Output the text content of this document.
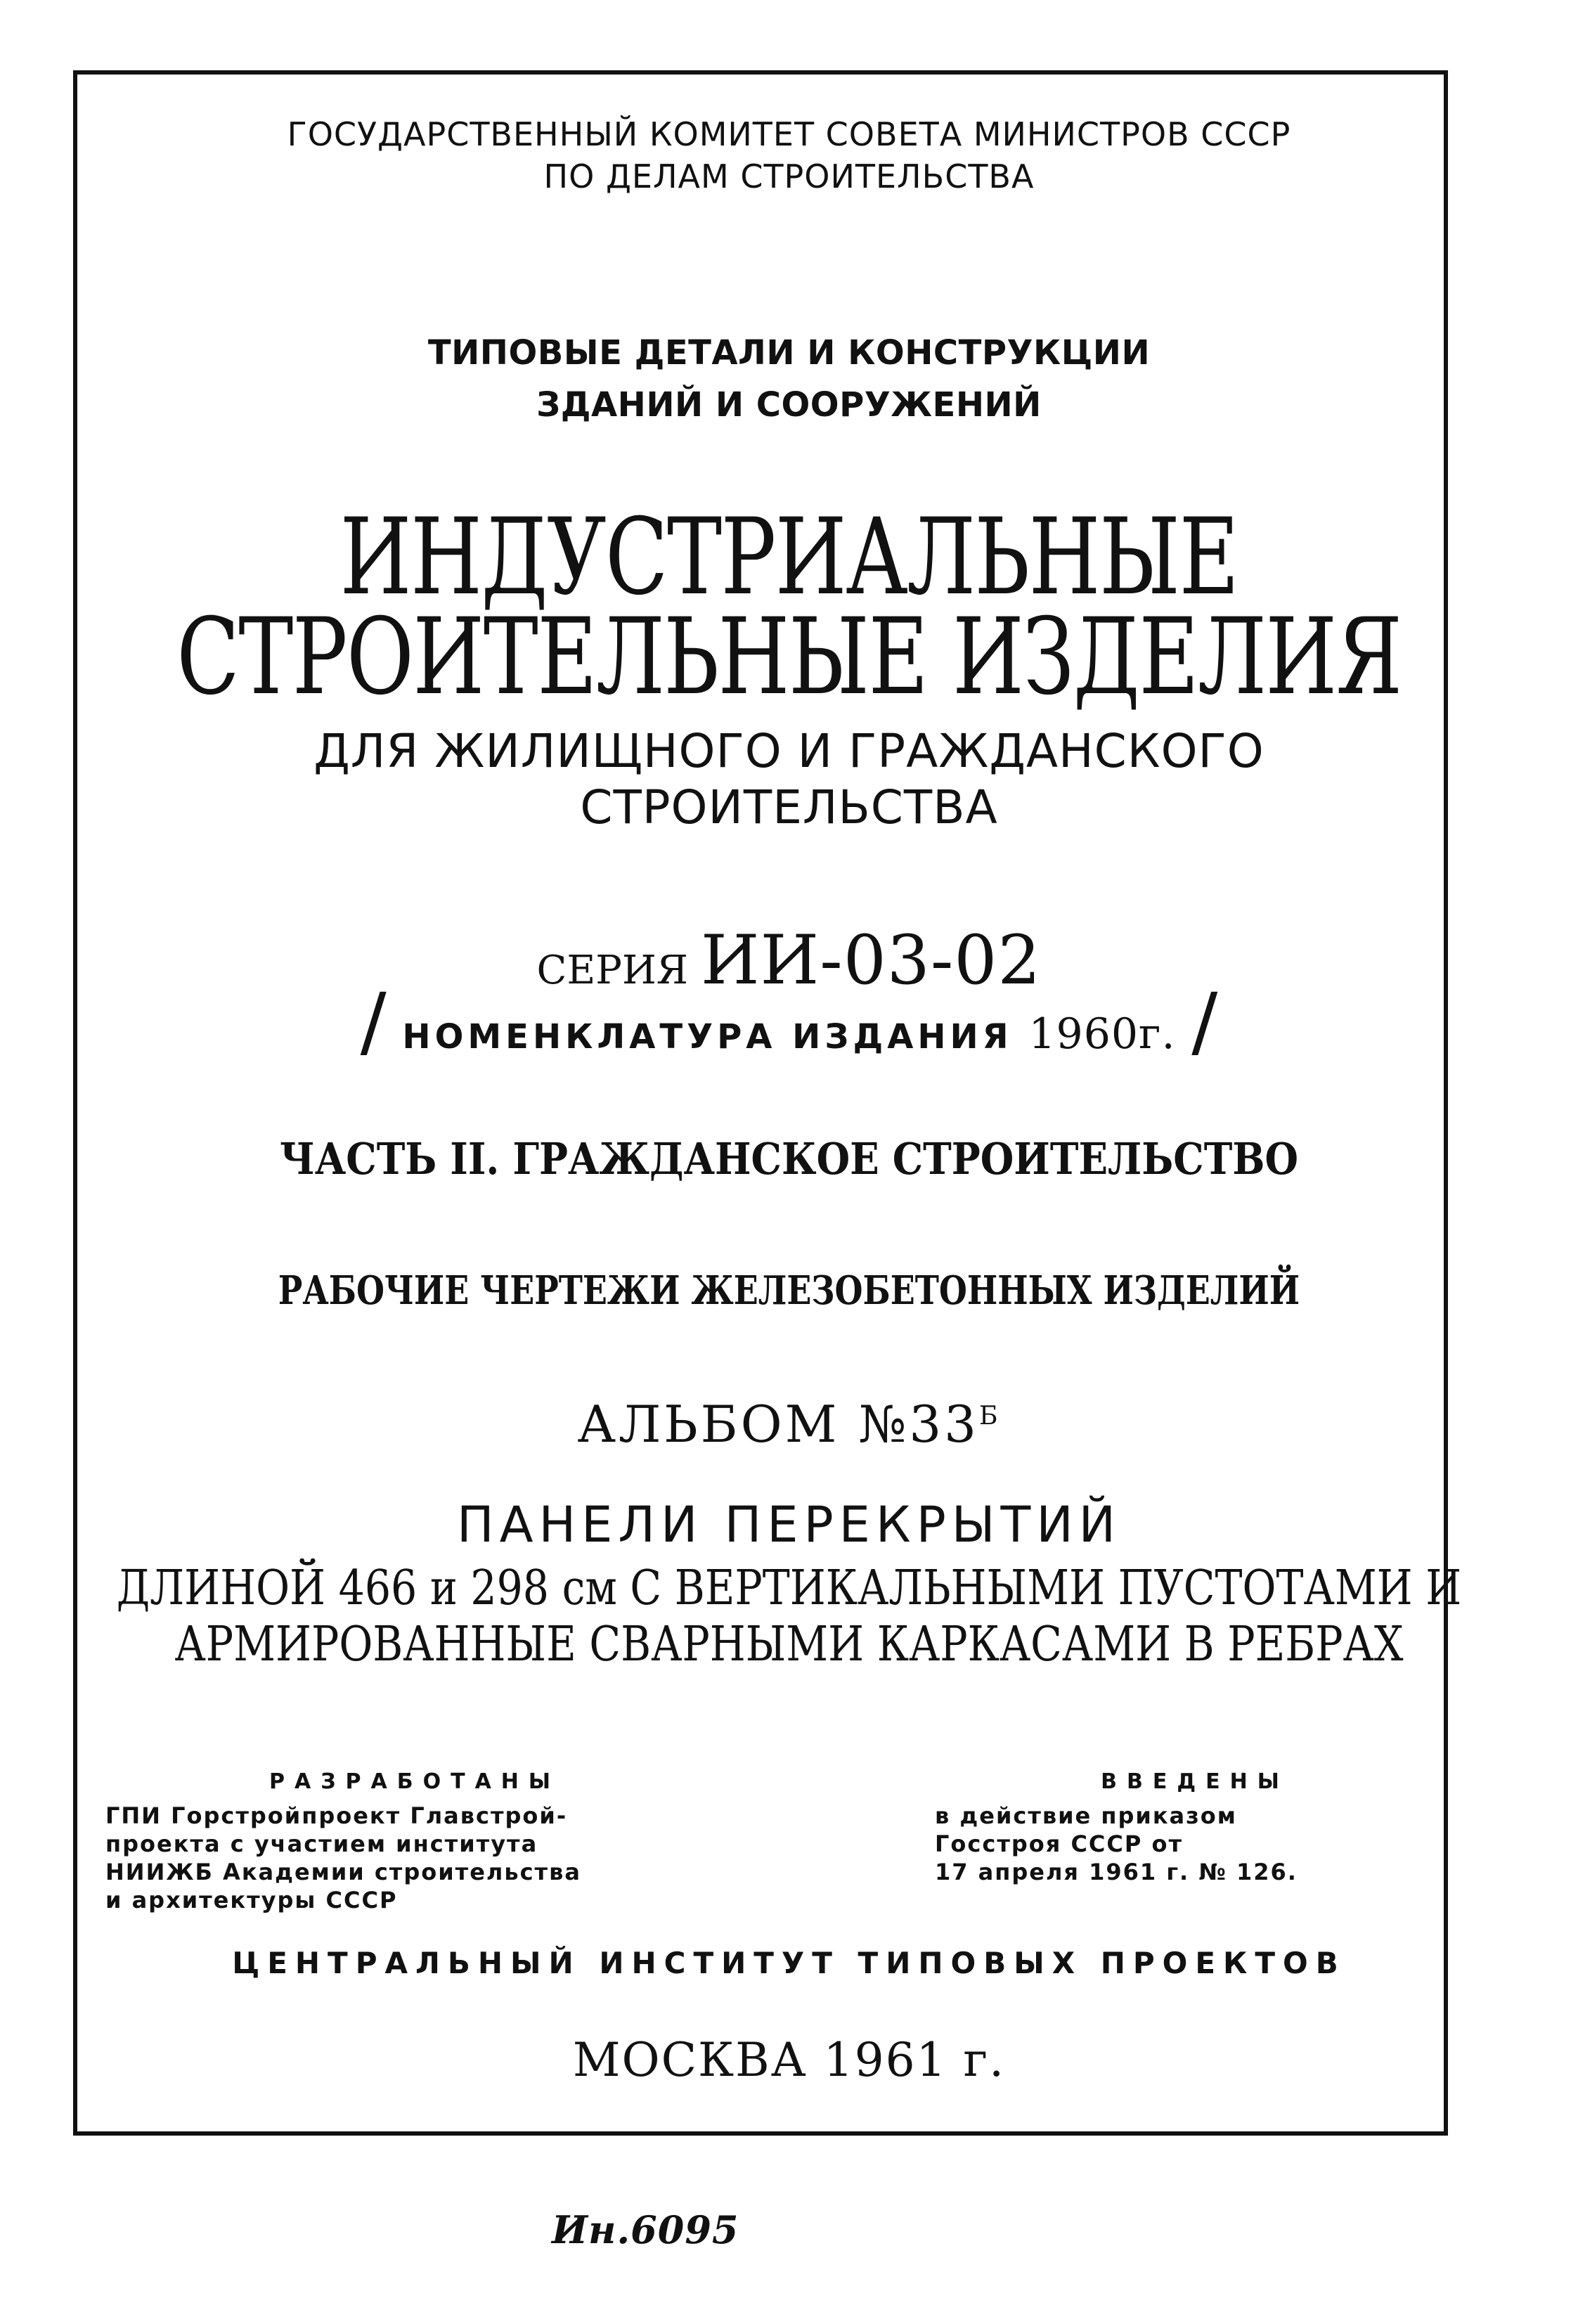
ГОСУДАРСТВЕННЫЙ КОМИТЕТ СОВЕТА МИНИСТРОВ СССР
ПО ДЕЛАМ СТРОИТЕЛЬСТВА
ТИПОВЫЕ ДЕТАЛИ И КОНСТРУКЦИИ
ЗДАНИЙ И СООРУЖЕНИЙ
ИНДУСТРИАЛЬНЫЕ
СТРОИТЕЛЬНЫЕ ИЗДЕЛИЯ
ДЛЯ ЖИЛИЩНОГО И ГРАЖДАНСКОГО
СТРОИТЕЛЬСТВА
СЕРИЯ ИИ-03-02
/ НОМЕНКЛАТУРА ИЗДАНИЯ 1960г. /
ЧАСТЬ II. ГРАЖДАНСКОЕ СТРОИТЕЛЬСТВО
РАБОЧИЕ ЧЕРТЕЖИ ЖЕЛЕЗОБЕТОННЫХ ИЗДЕЛИЙ
АЛЬБОМ $№33^Б$
ПАНЕЛИ ПЕРЕКРЫТИЙ
ДЛИНОЙ 466 и 298 см С ВЕРТИКАЛЬНЫМИ ПУСТОТАМИ И
АРМИРОВАННЫЕ СВАРНЫМИ КАРКАСАМИ В РЕБРАХ
РАЗРАБОТАНЫ
ГПИ Горстройпроект Главстрой-
проекта с участием института
НИИЖБ Академии строительства
и архитектуры СССР
ВВЕДЕНЫ
в действие приказом
Госстроя СССР от
17 апреля 1961 г. № 126.
ЦЕНТРАЛЬНЫЙ ИНСТИТУТ ТИПОВЫХ ПРОЕКТОВ
МОСКВА 1961 г.
Ин.6095
